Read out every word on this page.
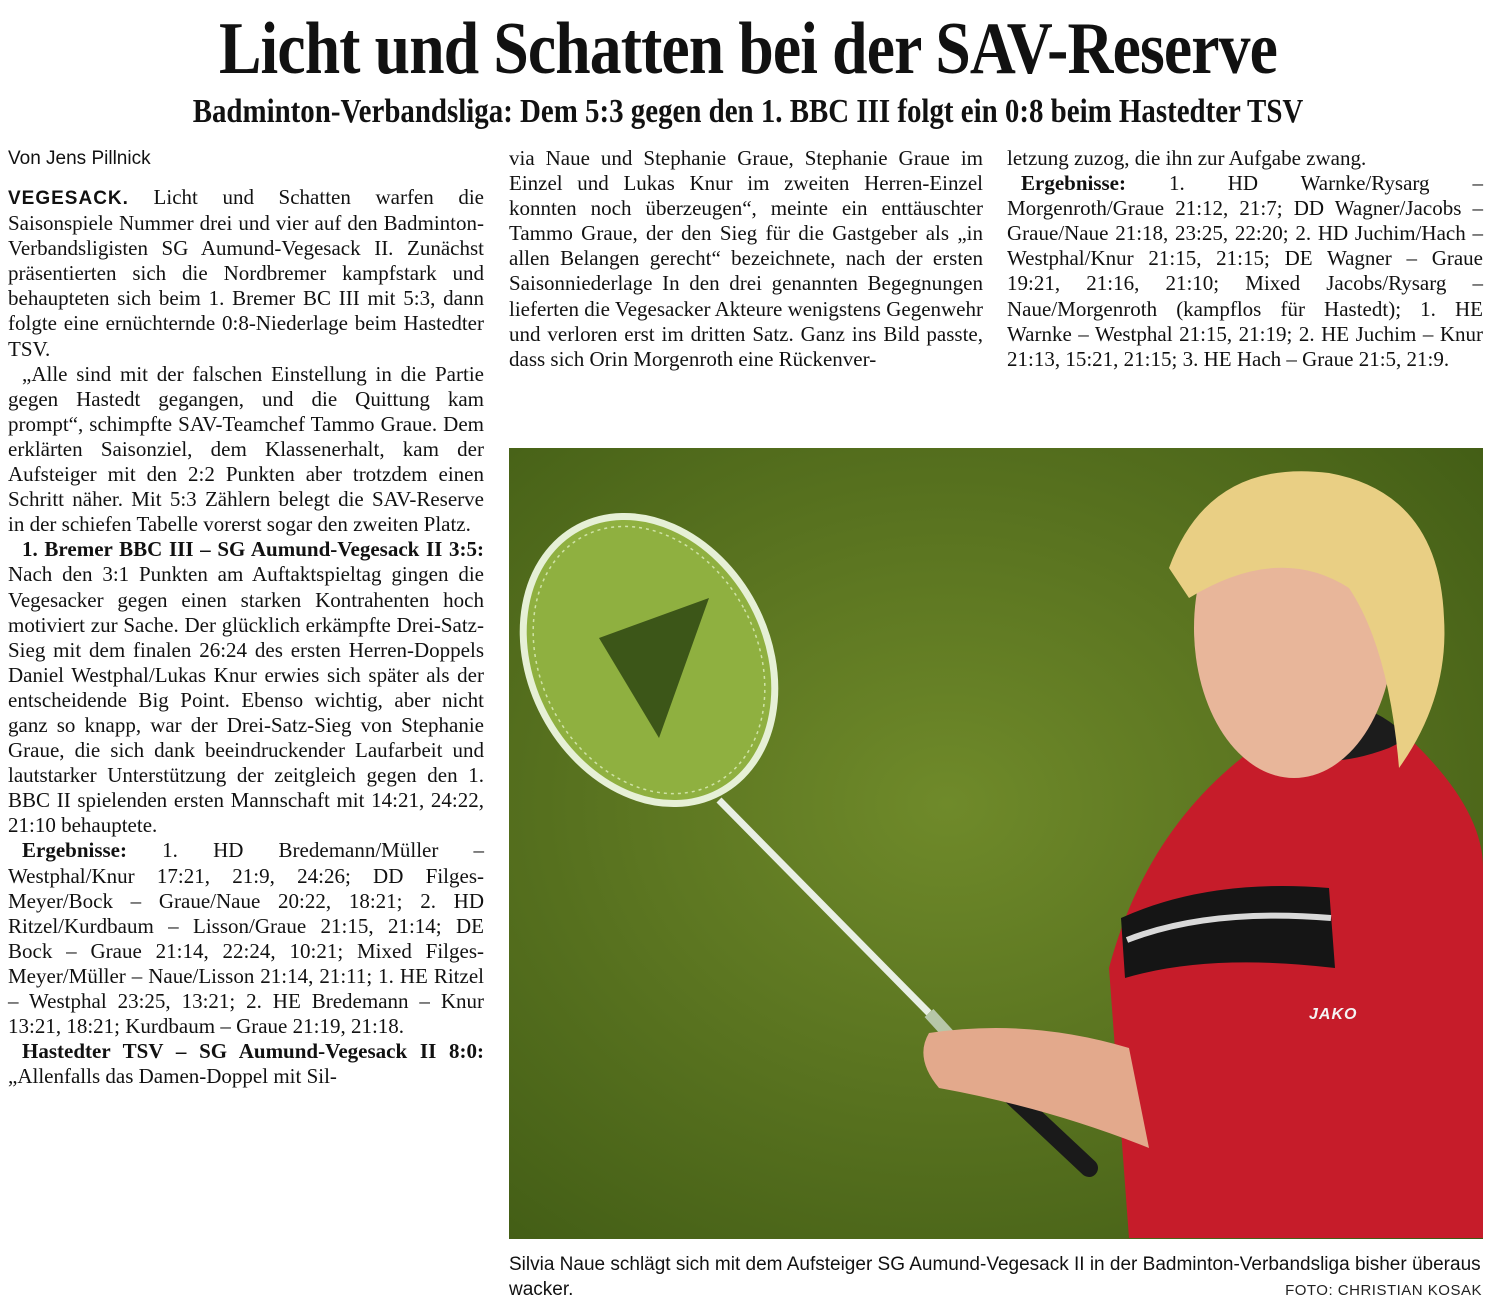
Licht und Schatten bei der SAV-Reserve
Badminton-Verbandsliga: Dem 5:3 gegen den 1. BBC III folgt ein 0:8 beim Hastedter TSV

Von Jens Pillnick

VEGESACK. Licht und Schatten warfen die Saisonspiele Nummer drei und vier auf den Badminton-Verbandsligisten SG Aumund-Vegesack II. Zunächst präsentierten sich die Nordbremer kampfstark und behaupteten sich beim 1. Bremer BC III mit 5:3, dann folgte eine ernüchternde 0:8-Niederlage beim Hastedter TSV.

„Alle sind mit der falschen Einstellung in die Partie gegen Hastedt gegangen, und die Quittung kam prompt“, schimpfte SAV-Teamchef Tammo Graue. Dem erklärten Saisonziel, dem Klassenerhalt, kam der Aufsteiger mit den 2:2 Punkten aber trotzdem einen Schritt näher. Mit 5:3 Zählern belegt die SAV-Reserve in der schiefen Tabelle vorerst sogar den zweiten Platz.

1. Bremer BBC III – SG Aumund-Vegesack II 3:5: Nach den 3:1 Punkten am Auftaktspieltag gingen die Vegesacker gegen einen starken Kontrahenten hoch motiviert zur Sache. Der glücklich erkämpfte Drei-Satz-Sieg mit dem finalen 26:24 des ersten Herren-Doppels Daniel Westphal/Lukas Knur erwies sich später als der entscheidende Big Point. Ebenso wichtig, aber nicht ganz so knapp, war der Drei-Satz-Sieg von Stephanie Graue, die sich dank beeindruckender Laufarbeit und lautstarker Unterstützung der zeitgleich gegen den 1. BBC II spielenden ersten Mannschaft mit 14:21, 24:22, 21:10 behauptete.

Ergebnisse: 1. HD Bredemann/Müller – Westphal/Knur 17:21, 21:9, 24:26; DD Filges-Meyer/Bock – Graue/Naue 20:22, 18:21; 2. HD Ritzel/Kurdbaum – Lisson/Graue 21:15, 21:14; DE Bock – Graue 21:14, 22:24, 10:21; Mixed Filges-Meyer/Müller – Naue/Lisson 21:14, 21:11; 1. HE Ritzel – Westphal 23:25, 13:21; 2. HE Bredemann – Knur 13:21, 18:21; Kurdbaum – Graue 21:19, 21:18.

Hastedter TSV – SG Aumund-Vegesack II 8:0: „Allenfalls das Damen-Doppel mit Sil-

via Naue und Stephanie Graue, Stephanie Graue im Einzel und Lukas Knur im zweiten Herren-Einzel konnten noch überzeugen“, meinte ein enttäuschter Tammo Graue, der den Sieg für die Gastgeber als „in allen Belangen gerecht“ bezeichnete, nach der ersten Saisonniederlage In den drei genannten Begegnungen lieferten die Vegesacker Akteure wenigstens Gegenwehr und verloren erst im dritten Satz. Ganz ins Bild passte, dass sich Orin Morgenroth eine Rückenver-

letzung zuzog, die ihn zur Aufgabe zwang.

Ergebnisse: 1. HD Warnke/Rysarg – Morgenroth/Graue 21:12, 21:7; DD Wagner/Jacobs – Graue/Naue 21:18, 23:25, 22:20; 2. HD Juchim/Hach – Westphal/Knur 21:15, 21:15; DE Wagner – Graue 19:21, 21:16, 21:10; Mixed Jacobs/Rysarg – Naue/Morgenroth (kampflos für Hastedt); 1. HE Warnke – Westphal 21:15, 21:19; 2. HE Juchim – Knur 21:13, 15:21, 21:15; 3. HE Hach – Graue 21:5, 21:9.

JAKO
Silvia Naue schlägt sich mit dem Aufsteiger SG Aumund-Vegesack II in der Badminton-Verbandsliga bisher überaus wacker.	FOTO: CHRISTIAN KOSAK
